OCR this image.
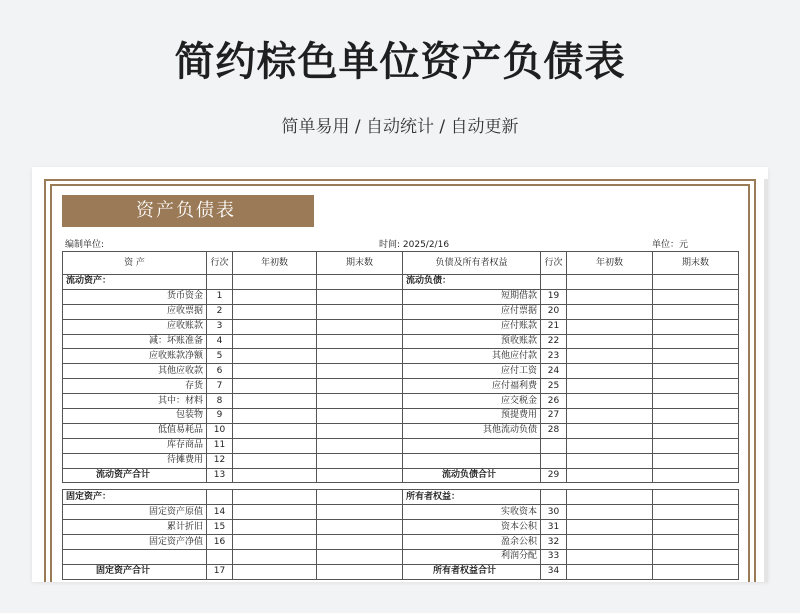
简约棕色单位资产负债表
简单易用 / 自动统计 / 自动更新
资产负债表
编制单位:	时间: 2025/2/16	单位：元
资 产	行次	年初数	期末数	负债及所有者权益	行次	年初数	期末数
流动资产：				流动负债：			
货币资金	1			短期借款	19		
应收票据	2			应付票据	20		
应收账款	3			应付账款	21		
减：坏账准备	4			预收账款	22		
应收账款净额	5			其他应付款	23		
其他应收款	6			应付工资	24		
存货	7			应付福利费	25		
其中：材料	8			应交税金	26		
包装物	9			预提费用	27		
低值易耗品	10			其他流动负债	28		
库存商品	11						
待摊费用	12						
流动资产合计	13			流动负债合计	29		

固定资产：				所有者权益：			
固定资产原值	14			实收资本	30		
累计折旧	15			资本公积	31		
固定资产净值	16			盈余公积	32		
				利润分配	33		
固定资产合计	17			所有者权益合计	34		
